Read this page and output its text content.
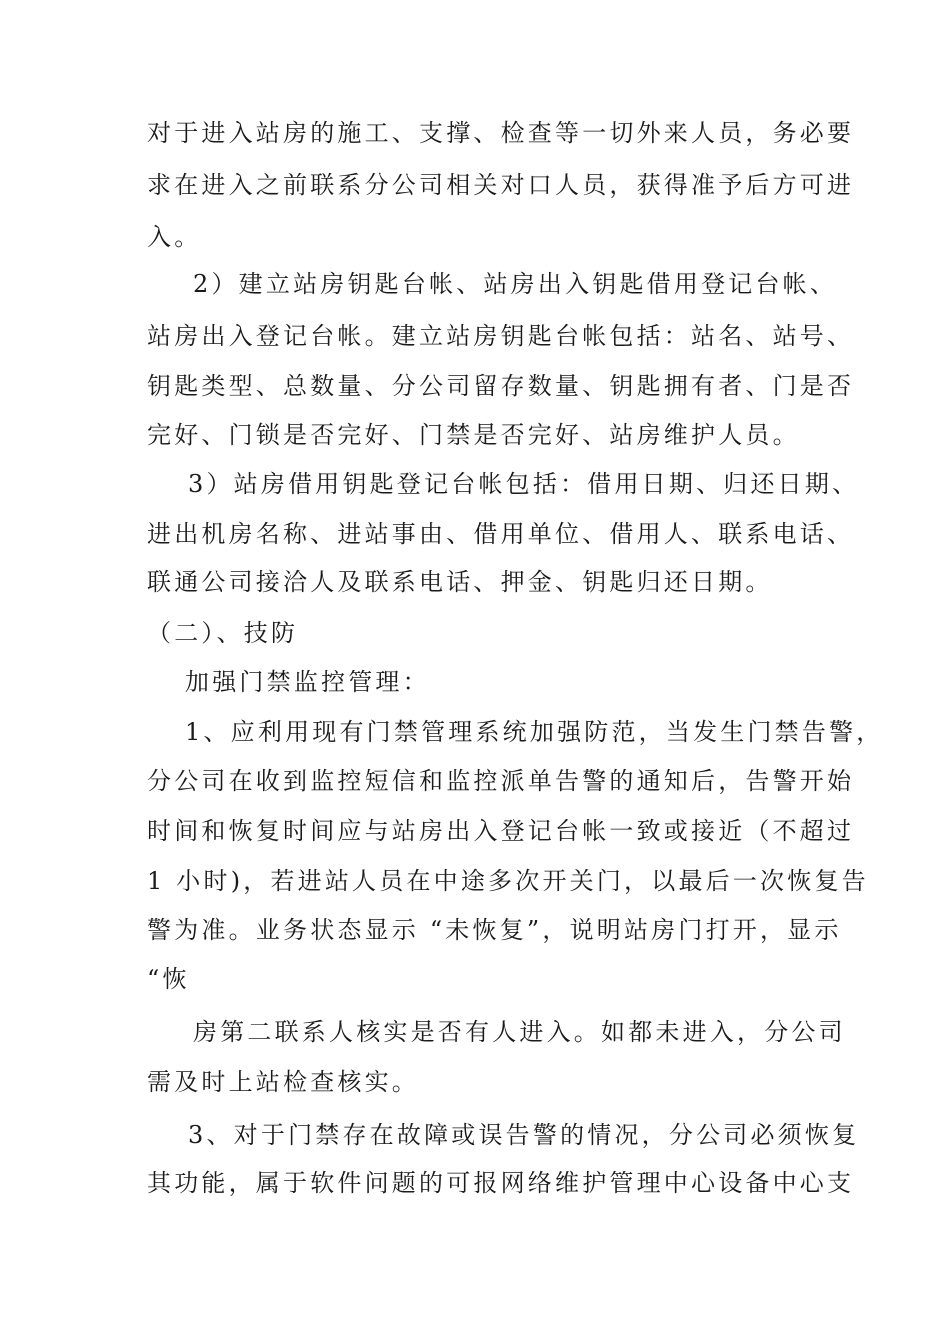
对于进入站房的施工、支撑、检查等一切外来人员，务必要
求在进入之前联系分公司相关对口人员，获得准予后方可进
入。
2）建立站房钥匙台帐、站房出入钥匙借用登记台帐、
站房出入登记台帐。建立站房钥匙台帐包括：站名、站号、
钥匙类型、总数量、分公司留存数量、钥匙拥有者、门是否
完好、门锁是否完好、门禁是否完好、站房维护人员。
3）站房借用钥匙登记台帐包括：借用日期、归还日期、
进出机房名称、进站事由、借用单位、借用人、联系电话、
联通公司接洽人及联系电话、押金、钥匙归还日期。
（二）、技防
加强门禁监控管理：
1、应利用现有门禁管理系统加强防范，当发生门禁告警，
分公司在收到监控短信和监控派单告警的通知后，告警开始
时间和恢复时间应与站房出入登记台帐一致或接近（不超过
1 小时)，若进站人员在中途多次开关门，以最后一次恢复告
警为准。业务状态显示 “未恢复”，说明站房门打开，显示
“恢
房第二联系人核实是否有人进入。如都未进入，分公司
需及时上站检查核实。
3、对于门禁存在故障或误告警的情况，分公司必须恢复
其功能，属于软件问题的可报网络维护管理中心设备中心支
